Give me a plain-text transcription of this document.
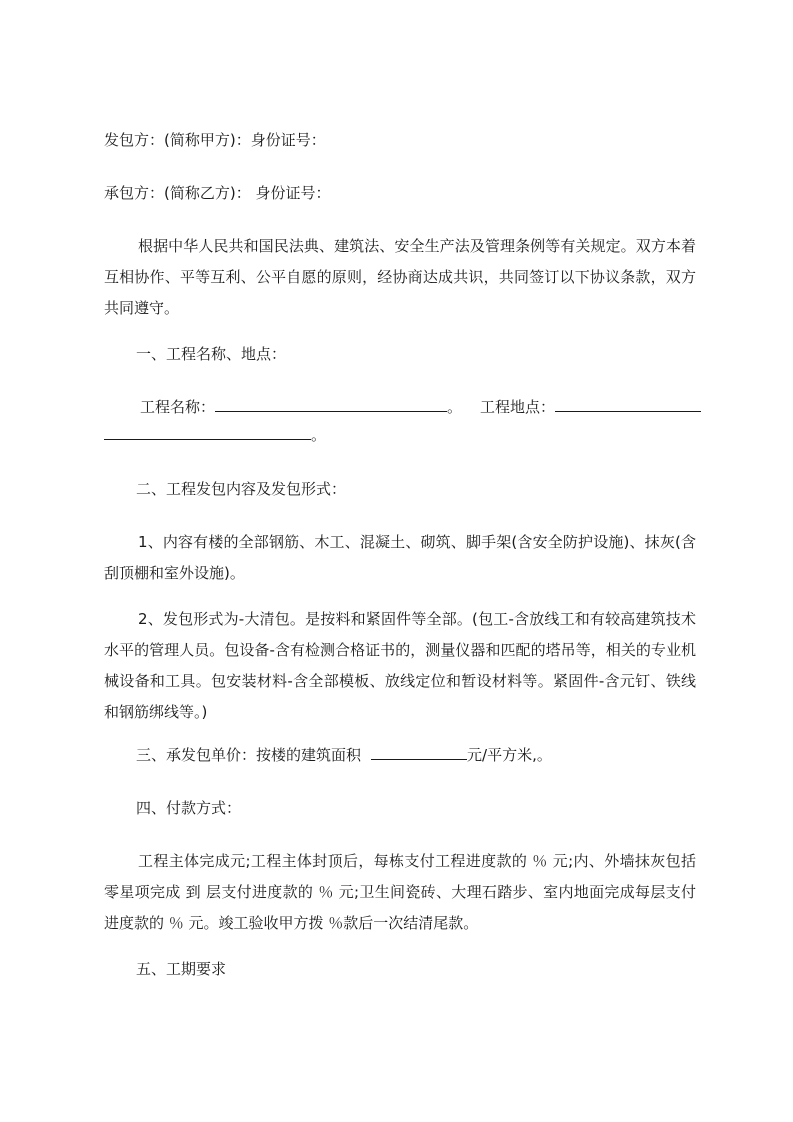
发包方：(简称甲方)：身份证号：

承包方：(简称乙方)： 身份证号：

根据中华人民共和国民法典、建筑法、安全生产法及管理条例等有关规定。双方本着互相协作、平等互利、公平自愿的原则，经协商达成共识，共同签订以下协议条款，双方共同遵守。

一、工程名称、地点：

工程名称：	。 工程地点：
。

二、工程发包内容及发包形式：

1、内容有楼的全部钢筋、木工、混凝土、砌筑、脚手架(含安全防护设施)、抹灰(含刮顶棚和室外设施)。

2、发包形式为-大清包。是按料和紧固件等全部。(包工-含放线工和有较高建筑技术水平的管理人员。包设备-含有检测合格证书的，测量仪器和匹配的塔吊等，相关的专业机械设备和工具。包安装材料-含全部模板、放线定位和暂设材料等。紧固件-含元钉、铁线和钢筋绑线等。)

三、承发包单价：按楼的建筑面积	元/平方米,。

四、付款方式：

工程主体完成元;工程主体封顶后，每栋支付工程进度款的 ％ 元;内、外墙抹灰包括零星项完成 到 层支付进度款的 ％ 元;卫生间瓷砖、大理石踏步、室内地面完成每层支付进度款的 ％ 元。竣工验收甲方拨 ％款后一次结清尾款。

五、工期要求
